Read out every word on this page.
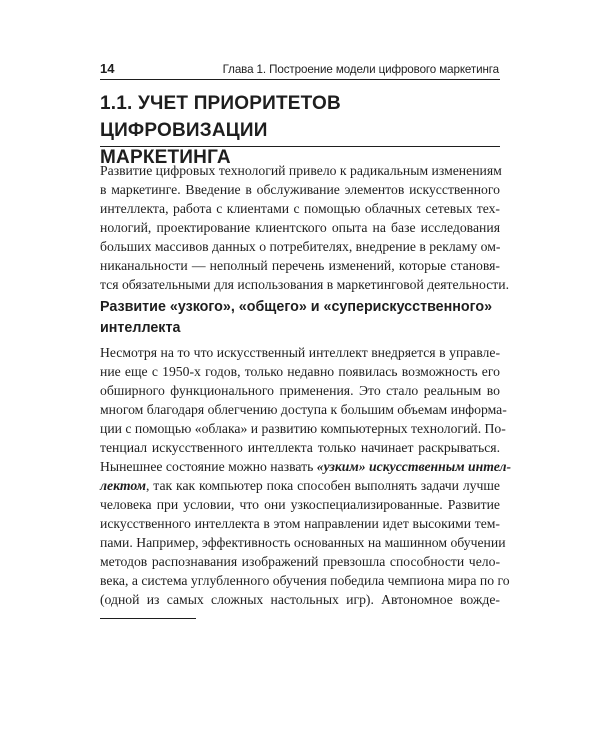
14	Глава 1. Построение модели цифрового маркетинга
1.1. УЧЕТ ПРИОРИТЕТОВ ЦИФРОВИЗАЦИИ
МАРКЕТИНГА
Развитие цифровых технологий привело к радикальным изменениям
в маркетинге. Введение в обслуживание элементов искусственного
интеллекта, работа с клиентами с помощью облачных сетевых тех-
нологий, проектирование клиентского опыта на базе исследования
больших массивов данных о потребителях, внедрение в рекламу ом-
никанальности — неполный перечень изменений, которые становя-
тся обязательными для использования в маркетинговой деятельности.
Развитие «узкого», «общего» и «суперискусственного»
интеллекта
Несмотря на то что искусственный интеллект внедряется в управле-
ние еще с 1950-х годов, только недавно появилась возможность его
обширного функционального применения. Это стало реальным во
многом благодаря облегчению доступа к большим объемам информа-
ции с помощью «облака» и развитию компьютерных технологий. По-
тенциал искусственного интеллекта только начинает раскрываться.
Нынешнее состояние можно назвать «узким» искусственным интел-
лектом, так как компьютер пока способен выполнять задачи лучше
человека при условии, что они узкоспециализированные. Развитие
искусственного интеллекта в этом направлении идет высокими тем-
пами. Например, эффективность основанных на машинном обучении
методов распознавания изображений превзошла способности чело-
века, а система углубленного обучения победила чемпиона мира по го
(одной из самых сложных настольных игр). Автономное вожде-
